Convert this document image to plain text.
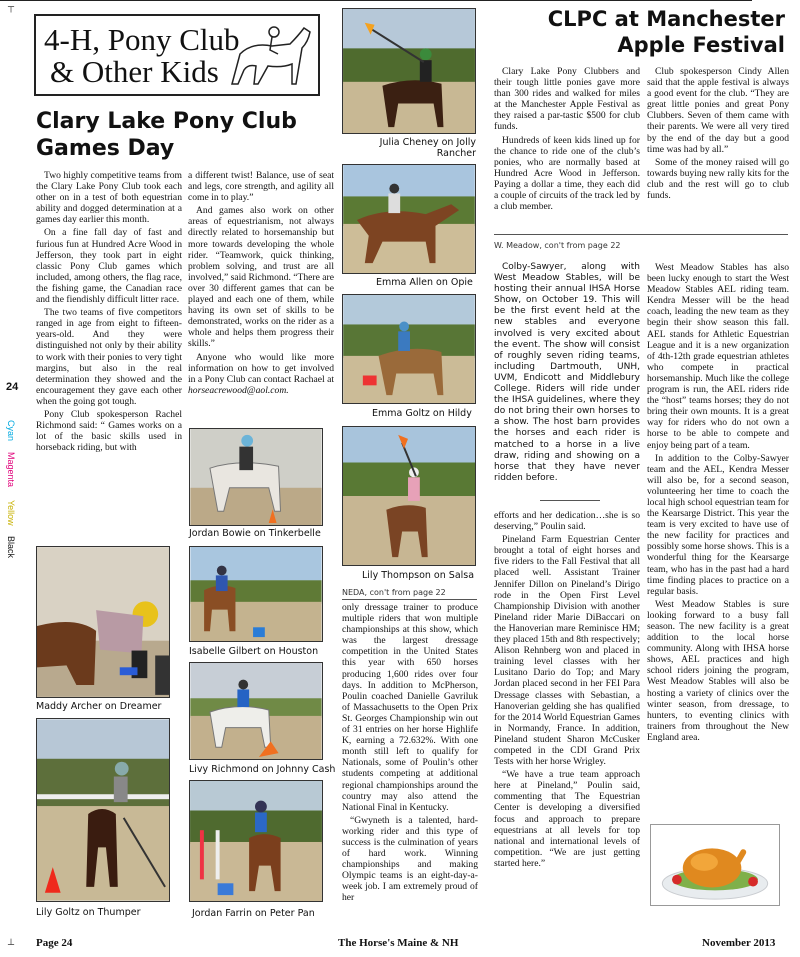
┬
┴
4-H, Pony Club
& Other Kids
Clary Lake Pony Club Games Day
CLPC at Manchester Apple Festival
24
Cyan
Magenta
Yellow
Black

Two highly competitive teams from the Clary Lake Pony Club took each other on in a test of both equestrian ability and dogged determination at a games day earlier this month.

On a fine fall day of fast and furious fun at Hundred Acre Wood in Jefferson, they took part in eight classic Pony Club games which included, among others, the flag race, the fishing game, the Canadian race and the fiendishly difficult litter race.

The two teams of five competitors ranged in age from eight to fifteen-years-old. And they were distinguished not only by their ability to work with their ponies to very tight margins, but also in the real determination they showed and the encouragement they gave each other when the going got tough.

Pony Club spokesperson Rachel Richmond said: “ Games works on a lot of the basic skills used in horseback riding, but with

a different twist! Balance, use of seat and legs, core strength, and agility all come in to play.”

And games also work on other areas of equestrianism, not always directly related to horsemanship but more towards developing the whole rider. “Teamwork, quick thinking, problem solving, and trust are all involved,” said Richmond. “There are over 30 different games that can be played and each one of them, while having its own set of skills to be demonstrated, works on the rider as a whole and helps them progress their skills.”

Anyone who would like more information on how to get involved in a Pony Club can contact Rachael at horseacrewood@aol.com.

Maddy Archer on Dreamer
Lily Goltz on Thumper
Jordan Bowie on Tinkerbelle
Isabelle Gilbert on Houston
Livy Richmond on Johnny Cash
Jordan Farrin on Peter Pan
Julia Cheney on Jolly Rancher
Emma Allen on Opie
Emma Goltz on Hildy
Lily Thompson on Salsa
NEDA, con't from page 22

only dressage trainer to produce multiple riders that won multiple championships at this show, which was the largest dressage competition in the United States this year with 650 horses producing 1,600 rides over four days. In addition to McPherson, Poulin coached Danielle Gavriluk of Massachusetts to the Open Prix St. Georges Championship win out of 31 entries on her horse Highlife K, earning a 72.632%. With one month still left to qualify for Nationals, some of Poulin’s other students competing at additional regional championships around the country may also attend the National Final in Kentucky.

“Gwyneth is a talented, hard-working rider and this type of success is the culmination of years of hard work. Winning championships and making Olympic teams is an eight-day-a-week job. I am extremely proud of her

Clary Lake Pony Clubbers and their tough little ponies gave more than 300 rides and walked for miles at the Manchester Apple Festival as they raised a par-tastic $500 for club funds.

Hundreds of keen kids lined up for the chance to ride one of the club’s ponies, who are normally based at Hundred Acre Wood in Jefferson. Paying a dollar a time, they each did a couple of circuits of the track led by a club member.

Club spokesperson Cindy Allen said that the apple festival is always a good event for the club. “They are great little ponies and great Pony Clubbers. Seven of them came with their parents. We were all very tired by the end of the day but a good time was had by all.”

Some of the money raised will go towards buying new rally kits for the club and the rest will go to club funds.

W. Meadow, con't from page 22

Colby-Sawyer, along with West Meadow Stables, will be hosting their annual IHSA Horse Show, on October 19. This will be the first event held at the new stables and everyone involved is very excited about the event. The show will consist of roughly seven riding teams, including Dartmouth, UNH, UVM, Endicott and Middlebury College. Riders will ride under the IHSA guidelines, where they do not bring their own horses to a show. The host barn provides the horses and each rider is matched to a horse in a live draw, riding and showing on a horse that they have never ridden before.

efforts and her dedication…she is so deserving,” Poulin said.

Pineland Farm Equestrian Center brought a total of eight horses and five riders to the Fall Festival that all placed well. Assistant Trainer Jennifer Dillon on Pineland’s Dirigo rode in the Open First Level Championship Division with another Pineland rider Marie DiBaccari on the Hanoverian mare Reminisce HM; they placed 15th and 8th respectively; Alison Rehnberg won and placed in training level classes with her Lusitano Dario do Top; and Mary Jordan placed second in her FEI Para Dressage classes with Sebastian, a Hanoverian gelding she has qualified for the 2014 World Equestrian Games in Normandy, France. In addition, Pineland student Sharon McCusker competed in the CDI Grand Prix Tests with her horse Wrigley.

“We have a true team approach here at Pineland,” Poulin said, commenting that The Equestrian Center is developing a diversified focus and approach to prepare equestrians at all levels for top national and international levels of competition. “We are just getting started here.”

West Meadow Stables has also been lucky enough to start the West Meadow Stables AEL riding team. Kendra Messer will be the head coach, leading the new team as they begin their show season this fall. AEL stands for Athletic Equestrian League and it is a new organization of 4th-12th grade equestrian athletes who compete in practical horsemanship. Much like the college program is run, the AEL riders ride the “host” teams horses; they do not bring their own mounts. It is a great way for riders who do not own a horse to be able to compete and enjoy being part of a team.

In addition to the Colby-Sawyer team and the AEL, Kendra Messer will also be, for a second season, volunteering her time to coach the local high school equestrian team for the Kearsarge District. This year the team is very excited to have use of the new facility for practices and possibly some horse shows. This is a wonderful thing for the Kearsarge team, who has in the past had a hard time finding places to practice on a regular basis.

West Meadow Stables is sure looking forward to a busy fall season. The new facility is a great addition to the local horse community. Along with IHSA horse shows, AEL practices and high school riders joining the program, West Meadow Stables will also be hosting a variety of clinics over the winter season, from dressage, to hunters, to eventing clinics with trainers from throughout the New England area.

Page 24	The Horse's Maine & NH	November 2013
